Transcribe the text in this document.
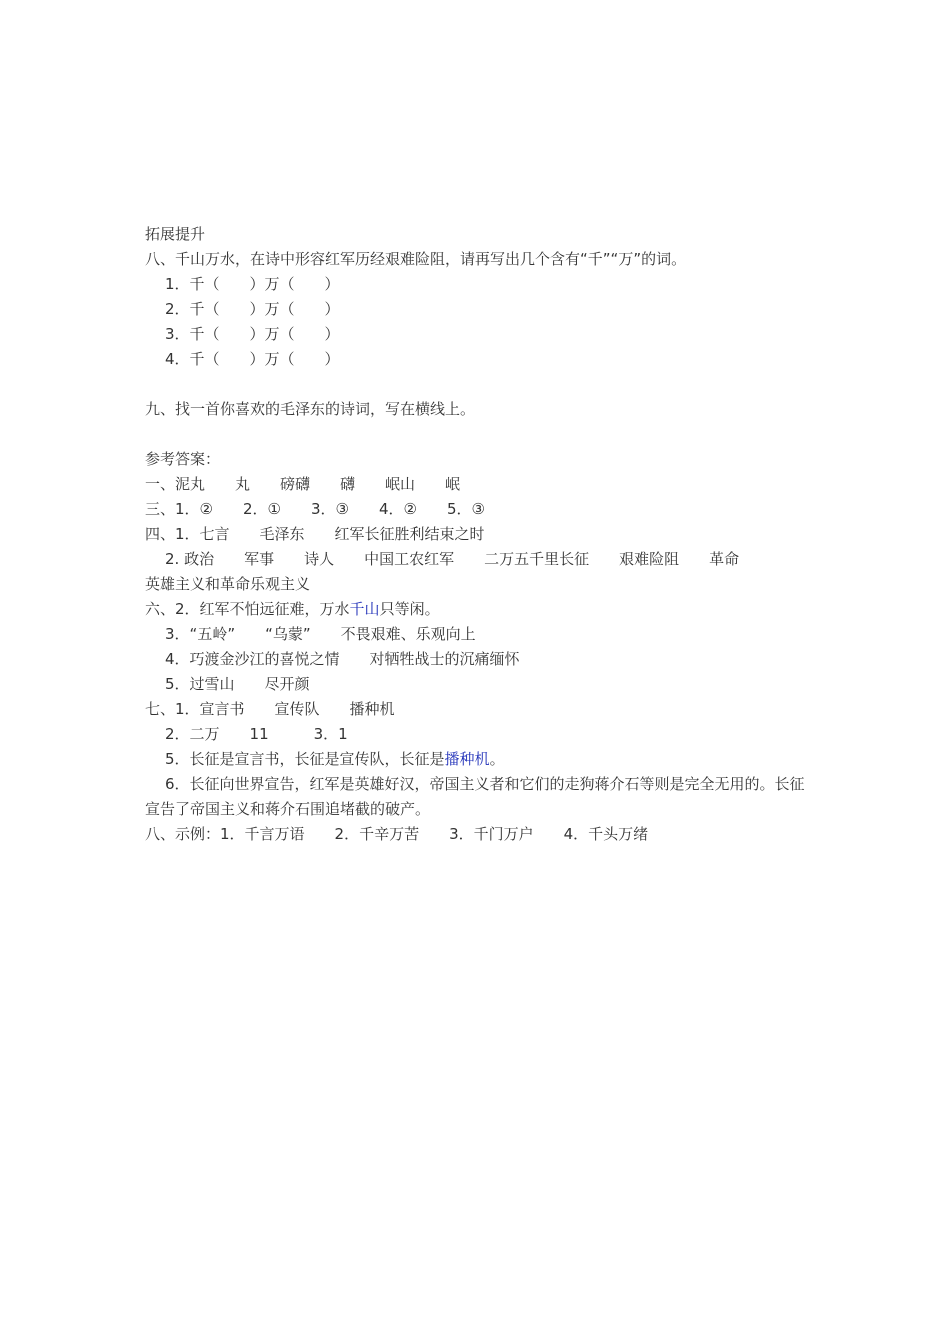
拓展提升
八、千山万水，在诗中形容红军历经艰难险阻，请再写出几个含有“千”“万”的词。
1．千（　　）万（　　）
2．千（　　）万（　　）
3．千（　　）万（　　）
4．千（　　）万（　　）
九、找一首你喜欢的毛泽东的诗词，写在横线上。
参考答案：
一、泥丸　　丸　　磅礴　　礴　　岷山　　岷
三、1．②　　2．①　　3．③　　4．②　　5．③
四、1．七言　　毛泽东　　红军长征胜利结束之时
2. 政治　　军事　　诗人　　中国工农红军　　二万五千里长征　　艰难险阻　　革命
英雄主义和革命乐观主义
六、2．红军不怕远征难，万水千山只等闲。
3．“五岭”　　“乌蒙”　　不畏艰难、乐观向上
4．巧渡金沙江的喜悦之情　　对牺牲战士的沉痛缅怀
5．过雪山　　尽开颜
七、1．宣言书　　宣传队　　播种机
2．二万　　11　　　3．1
5．长征是宣言书，长征是宣传队，长征是播种机。
6．长征向世界宣告，红军是英雄好汉，帝国主义者和它们的走狗蒋介石等则是完全无用的。长征宣告了帝国主义和蒋介石围追堵截的破产。
八、示例：1．千言万语　　2．千辛万苦　　3．千门万户　　4．千头万绪
